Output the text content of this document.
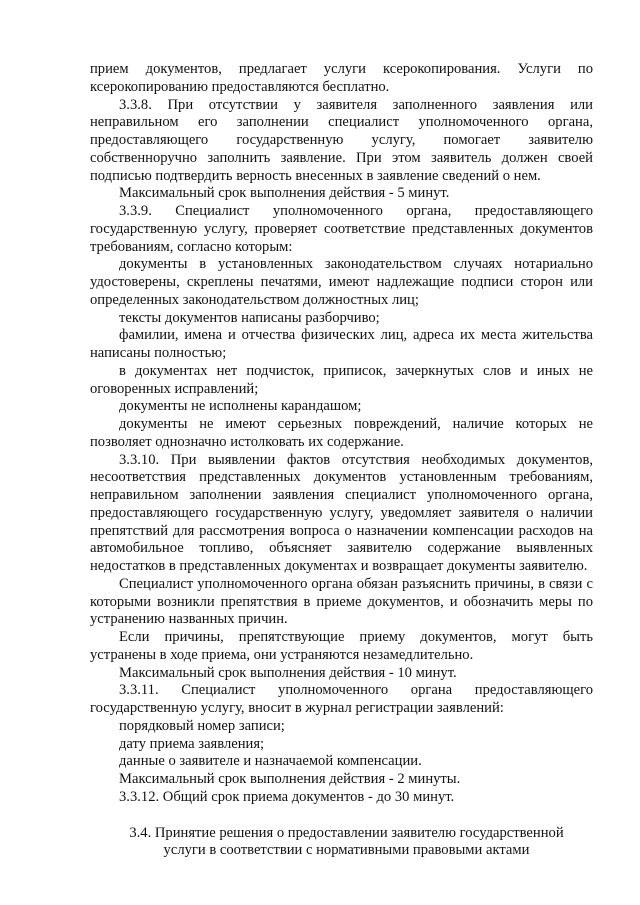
прием документов, предлагает услуги ксерокопирования. Услуги по ксерокопированию предоставляются бесплатно.

3.3.8. При отсутствии у заявителя заполненного заявления или неправильном его заполнении специалист уполномоченного органа, предоставляющего государственную услугу, помогает заявителю собственноручно заполнить заявление. При этом заявитель должен своей подписью подтвердить верность внесенных в заявление сведений о нем.

Максимальный срок выполнения действия - 5 минут.

3.3.9. Специалист уполномоченного органа, предоставляющего государственную услугу, проверяет соответствие представленных документов требованиям, согласно которым:

документы в установленных законодательством случаях нотариально удостоверены, скреплены печатями, имеют надлежащие подписи сторон или определенных законодательством должностных лиц;

тексты документов написаны разборчиво;

фамилии, имена и отчества физических лиц, адреса их места жительства написаны полностью;

в документах нет подчисток, приписок, зачеркнутых слов и иных не оговоренных исправлений;

документы не исполнены карандашом;

документы не имеют серьезных повреждений, наличие которых не позволяет однозначно истолковать их содержание.

3.3.10. При выявлении фактов отсутствия необходимых документов, несоответствия представленных документов установленным требованиям, неправильном заполнении заявления специалист уполномоченного органа, предоставляющего государственную услугу, уведомляет заявителя о наличии препятствий для рассмотрения вопроса о назначении компенсации расходов на автомобильное топливо, объясняет заявителю содержание выявленных недостатков в представленных документах и возвращает документы заявителю.

Специалист уполномоченного органа обязан разъяснить причины, в связи с которыми возникли препятствия в приеме документов, и обозначить меры по устранению названных причин.

Если причины, препятствующие приему документов, могут быть устранены в ходе приема, они устраняются незамедлительно.

Максимальный срок выполнения действия - 10 минут.

3.3.11. Специалист уполномоченного органа предоставляющего государственную услугу, вносит в журнал регистрации заявлений:

порядковый номер записи;

дату приема заявления;

данные о заявителе и назначаемой компенсации.

Максимальный срок выполнения действия - 2 минуты.

3.3.12. Общий срок приема документов - до 30 минут.

3.4. Принятие решения о предоставлении заявителю государственной

услуги в соответствии с нормативными правовыми актами
